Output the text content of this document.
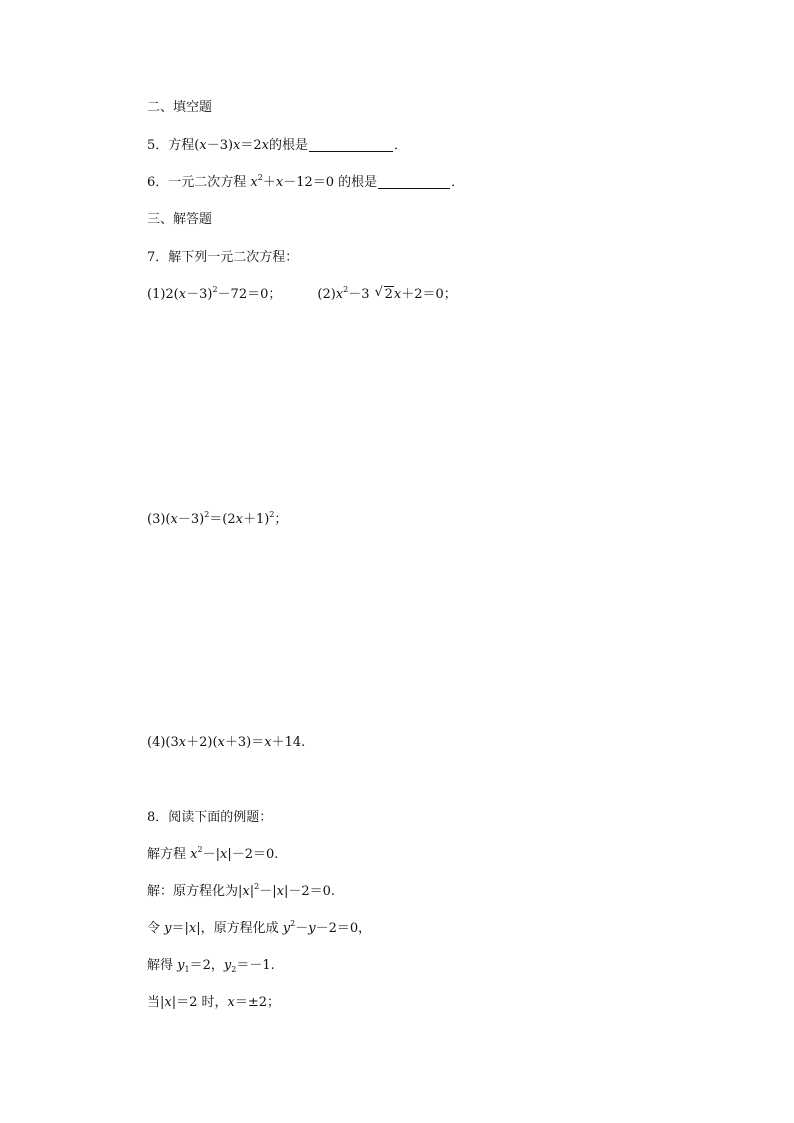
二、填空题
5．方程(x－3)x＝2x的根是	．
6．一元二次方程 $x^2+x-12=0$ 的根是	．
三、解答题
7．解下列一元二次方程：
$(1)2(x-3)^2-72=0$；	$(2)x^2-3$ √ 2x＋2＝0；
$(3)(x-3)^2=(2x+1)^2$；
(4)(3x＋2)(x＋3)＝x＋14.
8．阅读下面的例题：
解方程 $x^2-|x|-2=0$.
解：原方程化为$|x|^2-|x|-2=0$.
令 y＝|x|，原方程化成 $y^2-y-2=0$，
解得 $y_1=2$，$y_2=-1$.
当|x|＝2 时，x＝±2；
